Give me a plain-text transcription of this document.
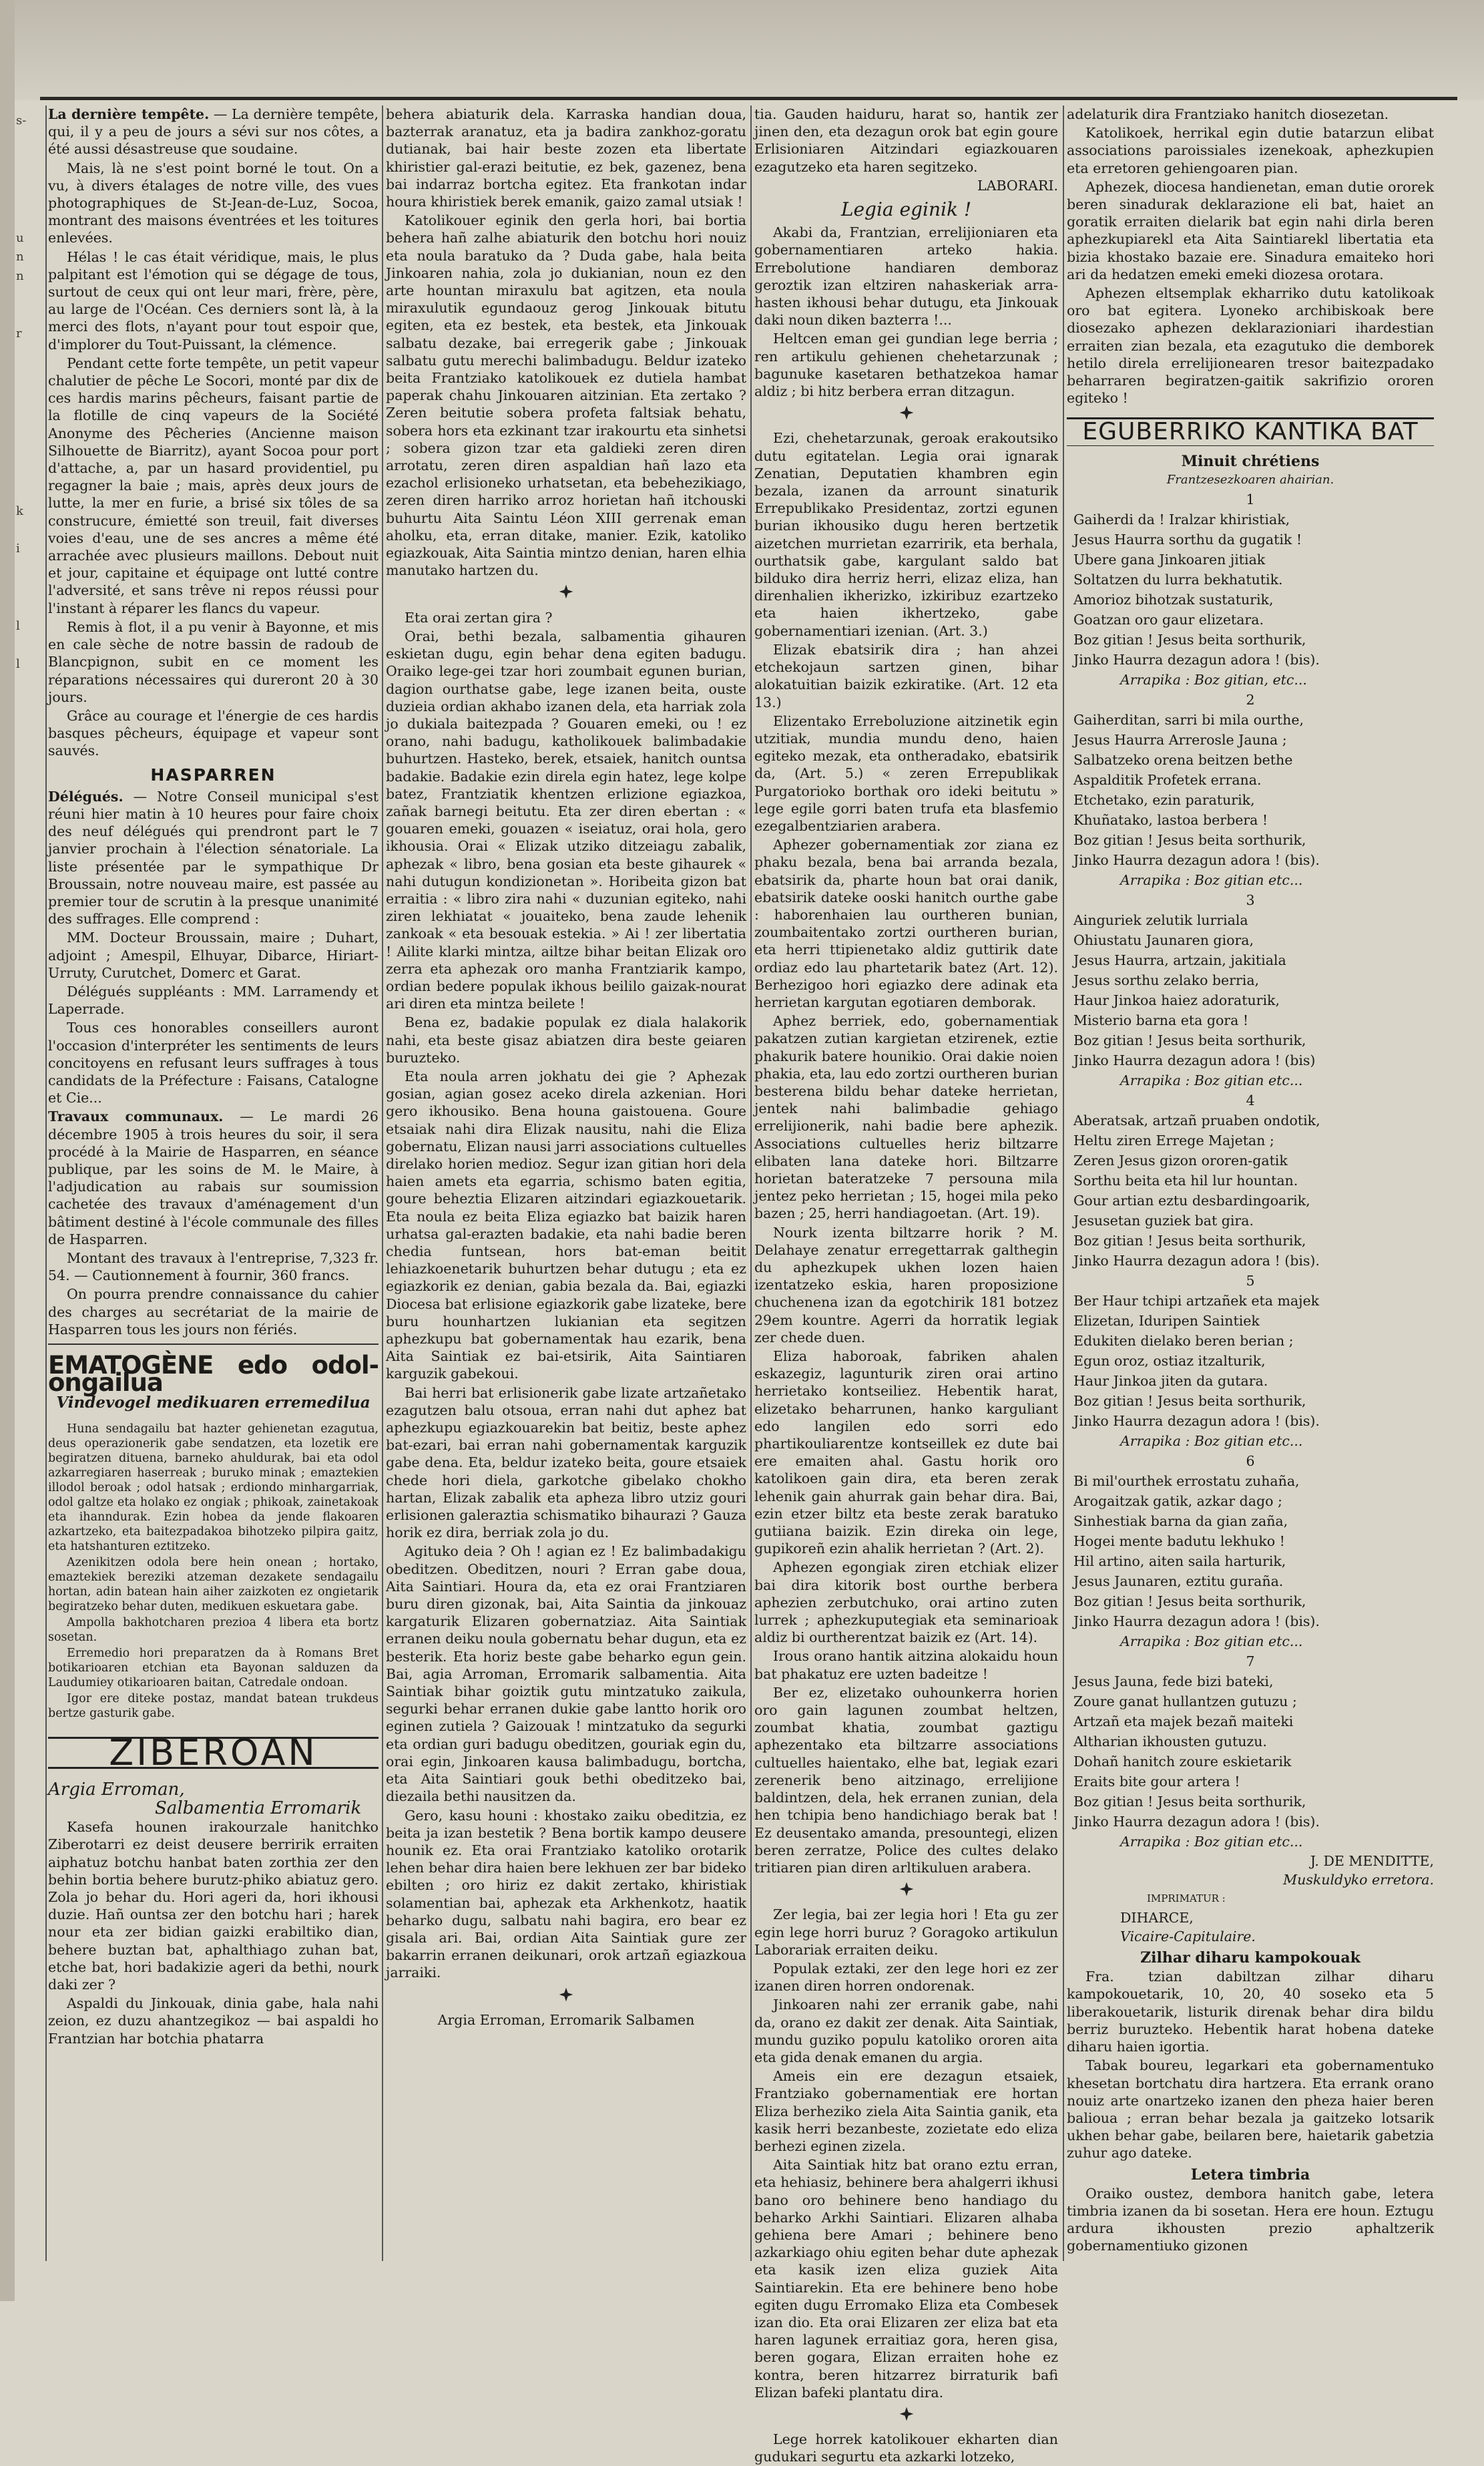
s-

u

n

n

r

k

i

l

l

La dernière tempête. — La dernière tempête, qui, il y a peu de jours a sévi sur nos côtes, a été aussi désastreuse que soudaine.

Mais, là ne s'est point borné le tout. On a vu, à divers étalages de notre ville, des vues photographiques de St-Jean-de-Luz, Socoa, montrant des maisons éventrées et les toitures enlevées.

Hélas ! le cas était véridique, mais, le plus palpitant est l'émotion qui se dégage de tous, surtout de ceux qui ont leur mari, frère, père, au large de l'Océan. Ces derniers sont là, à la merci des flots, n'ayant pour tout espoir que, d'implorer du Tout-Puissant, la clémence.

Pendant cette forte tempête, un petit vapeur chalutier de pêche Le Socori, monté par dix de ces hardis marins pêcheurs, faisant partie de la flotille de cinq vapeurs de la Société Anonyme des Pêcheries (Ancienne maison Silhouette de Biarritz), ayant Socoa pour port d'attache, a, par un hasard providentiel, pu regagner la baie ; mais, après deux jours de lutte, la mer en furie, a brisé six tôles de sa construcure, émietté son treuil, fait diverses voies d'eau, une de ses ancres a même été arrachée avec plusieurs maillons. Debout nuit et jour, capitaine et équipage ont lutté contre l'adversité, et sans trêve ni repos réussi pour l'instant à réparer les flancs du vapeur.

Remis à flot, il a pu venir à Bayonne, et mis en cale sèche de notre bassin de radoub de Blancpignon, subit en ce moment les réparations nécessaires qui dureront 20 à 30 jours.

Grâce au courage et l'énergie de ces hardis basques pêcheurs, équipage et vapeur sont sauvés.

HASPARREN

Délégués. — Notre Conseil municipal s'est réuni hier matin à 10 heures pour faire choix des neuf délégués qui prendront part le 7 janvier prochain à l'élection sénatoriale. La liste présentée par le sympathique Dr Broussain, notre nouveau maire, est passée au premier tour de scrutin à la presque unanimité des suffrages. Elle comprend :

MM. Docteur Broussain, maire ; Duhart, adjoint ; Amespil, Elhuyar, Dibarce, Hiriart-Urruty, Curutchet, Domerc et Garat.

Délégués suppléants : MM. Larramendy et Laperrade.

Tous ces honorables conseillers auront l'occasion d'interpréter les sentiments de leurs concitoyens en refusant leurs suffrages à tous candidats de la Préfecture : Faisans, Catalogne et Cie...

Travaux communaux. — Le mardi 26 décembre 1905 à trois heures du soir, il sera procédé à la Mairie de Hasparren, en séance publique, par les soins de M. le Maire, à l'adjudication au rabais sur soumission cachetée des travaux d'aménagement d'un bâtiment destiné à l'école communale des filles de Hasparren.

Montant des travaux à l'entreprise, 7,323 fr. 54. — Cautionnement à fournir, 360 francs.

On pourra prendre connaissance du cahier des charges au secrétariat de la mairie de Hasparren tous les jours non fériés.

EMATOGÈNE edo odol-ongailua
Vindevogel medikuaren erremedilua

Huna sendagailu bat hazter gehienetan ezagutua, deus operazionerik gabe sendatzen, eta lozetik ere begiratzen dituena, barneko ahuldurak, bai eta odol azkarregiaren haserreak ; buruko minak ; emaztekien illodol beroak ; odol hatsak ; erdiondo minhargarriak, odol galtze eta holako ez ongiak ; phikoak, zainetakoak eta ihanndurak. Ezin hobea da jende flakoaren azkartzeko, eta baitezpadakoa bihotzeko pilpira gaitz, eta hatshanturen eztitzeko.

Azenikitzen odola bere hein onean ; hortako, emaztekiek bereziki atzeman dezakete sendagailu hortan, adin batean hain aiher zaizkoten ez ongietarik begiratzeko behar duten, medikuen eskuetara gabe.

Ampolla bakhotcharen prezioa 4 libera eta bortz sosetan.

Erremedio hori preparatzen da à Romans Bret botikarioaren etchian eta Bayonan salduzen da Laudumiey otikarioaren baitan, Catredale ondoan.

Igor ere diteke postaz, mandat batean trukdeus bertze gasturik gabe.

ZIBEROAN

Argia Erroman,

Salbamentia Erromarik

Kasefa hounen irakourzale hanitchko Ziberotarri ez deist deusere berririk erraiten aiphatuz botchu hanbat baten zorthia zer den behin bortia behere burutz-phiko abiatuz gero. Zola jo behar du. Hori ageri da, hori ikhousi duzie. Hañ ountsa zer den botchu hari ; harek nour eta zer bidian gaizki erabiltiko dian, behere buztan bat, aphalthiago zuhan bat, etche bat, hori badakizie ageri da bethi, nourk daki zer ?

Aspaldi du Jinkouak, dinia gabe, hala nahi zeion, ez duzu ahantzegikoz — bai aspaldi ho Frantzian har botchia phatarra

behera abiaturik dela. Karraska handian doua, bazterrak aranatuz, eta ja badira zankhoz-goratu dutianak, bai hair beste zozen eta libertate khiristier gal-erazi beitutie, ez bek, gazenez, bena bai indarraz bortcha egitez. Eta frankotan indar houra khiristiek berek emanik, gaizo zamal utsiak !

Katolikouer eginik den gerla hori, bai bortia behera hañ zalhe abiaturik den botchu hori nouiz eta noula baratuko da ? Duda gabe, hala beita Jinkoaren nahia, zola jo dukianian, noun ez den arte hountan miraxulu bat agitzen, eta noula miraxulutik egundaouz gerog Jinkouak bitutu egiten, eta ez bestek, eta bestek, eta Jinkouak salbatu dezake, bai erregerik gabe ; Jinkouak salbatu gutu merechi balimbadugu. Beldur izateko beita Frantziako katolikouek ez dutiela hambat paperak chahu Jinkouaren aitzinian. Eta zertako ? Zeren beitutie sobera profeta faltsiak behatu, sobera hors eta ezkinant tzar irakourtu eta sinhetsi ; sobera gizon tzar eta galdieki zeren diren arrotatu, zeren diren aspaldian hañ lazo eta ezachol erlisioneko urhatsetan, eta bebehezikiago, zeren diren harriko arroz horietan hañ itchouski buhurtu Aita Saintu Léon XIII gerrenak eman aholku, eta, erran ditake, manier. Ezik, katoliko egiazkouak, Aita Saintia mintzo denian, haren elhia manutako hartzen du.

Eta orai zertan gira ?

Orai, bethi bezala, salbamentia gihauren eskietan dugu, egin behar dena egiten badugu. Oraiko lege-gei tzar hori zoumbait egunen burian, dagion ourthatse gabe, lege izanen beita, ouste duzieia ordian akhabo izanen dela, eta harriak zola jo dukiala baitezpada ? Gouaren emeki, ou ! ez orano, nahi badugu, katholikouek balimbadakie buhurtzen. Hasteko, berek, etsaiek, hanitch ountsa badakie. Badakie ezin direla egin hatez, lege kolpe batez, Frantziatik khentzen erlizione egiazkoa, zañak barnegi beitutu. Eta zer diren ebertan : « gouaren emeki, gouazen « iseiatuz, orai hola, gero ikhousia. Orai « Elizak utziko ditzeiagu zabalik, aphezak « libro, bena gosian eta beste gihaurek « nahi dutugun kondizionetan ». Horibeita gizon bat erraitia : « libro zira nahi « duzunian egiteko, nahi ziren lekhiatat « jouaiteko, bena zaude lehenik zankoak « eta besouak estekia. » Ai ! zer libertatia ! Ailite klarki mintza, ailtze bihar beitan Elizak oro zerra eta aphezak oro manha Frantziarik kampo, ordian bedere populak ikhous beililo gaizak-nourat ari diren eta mintza beilete !

Bena ez, badakie populak ez diala halakorik nahi, eta beste gisaz abiatzen dira beste geiaren buruzteko.

Eta noula arren jokhatu dei gie ? Aphezak gosian, agian gosez aceko direla azkenian. Hori gero ikhousiko. Bena houna gaistouena. Goure etsaiak nahi dira Elizak nausitu, nahi die Eliza gobernatu, Elizan nausi jarri associations cultuelles direlako horien medioz. Segur izan gitian hori dela haien amets eta egarria, schismo baten egitia, goure beheztia Elizaren aitzindari egiazkouetarik. Eta noula ez beita Eliza egiazko bat baizik haren urhatsa gal-erazten badakie, eta nahi badie beren chedia funtsean, hors bat-eman beitit lehiazkoenetarik buhurtzen behar dutugu ; eta ez egiazkorik ez denian, gabia bezala da. Bai, egiazki Diocesa bat erlisione egiazkorik gabe lizateke, bere buru hounhartzen lukianian eta segitzen aphezkupu bat gobernamentak hau ezarik, bena Aita Saintiak ez bai-etsirik, Aita Saintiaren karguzik gabekoui.

Bai herri bat erlisionerik gabe lizate artzañetako ezagutzen balu otsoua, erran nahi dut aphez bat aphezkupu egiazkouarekin bat beitiz, beste aphez bat-ezari, bai erran nahi gobernamentak karguzik gabe dena. Eta, beldur izateko beita, goure etsaiek chede hori diela, garkotche gibelako chokho hartan, Elizak zabalik eta apheza libro utziz gouri erlisionen galeraztia schismatiko bihaurazi ? Gauza horik ez dira, berriak zola jo du.

Agituko deia ? Oh ! agian ez ! Ez balimbadakigu obeditzen. Obeditzen, nouri ? Erran gabe doua, Aita Saintiari. Houra da, eta ez orai Frantziaren buru diren gizonak, bai, Aita Saintia da jinkouaz kargaturik Elizaren gobernatziaz. Aita Saintiak erranen deiku noula gobernatu behar dugun, eta ez besterik. Eta horiz beste gabe beharko egun gein. Bai, agia Arroman, Erromarik salbamentia. Aita Saintiak bihar goiztik gutu mintzatuko zaikula, segurki behar erranen dukie gabe lantto horik oro eginen zutiela ? Gaizouak ! mintzatuko da segurki eta ordian guri badugu obeditzen, gouriak egin du, orai egin, Jinkoaren kausa balimbadugu, bortcha, eta Aita Saintiari gouk bethi obeditzeko bai, diezaila bethi nausitzen da.

Gero, kasu houni : khostako zaiku obeditzia, ez beita ja izan bestetik ? Bena bortik kampo deusere hounik ez. Eta orai Frantziako katoliko orotarik lehen behar dira haien bere lekhuen zer bar bideko ebilten ; oro hiriz ez dakit zertako, khiristiak solamentian bai, aphezak eta Arkhenkotz, haatik beharko dugu, salbatu nahi bagira, ero bear ez gisala ari. Bai, ordian Aita Saintiak gure zer bakarrin erranen deikunari, orok artzañ egiazkoua jarraiki.

Argia Erroman, Erromarik Salbamen

tia. Gauden haiduru, harat so, hantik zer jinen den, eta dezagun orok bat egin goure Erlisioniaren Aitzindari egiazkouaren ezagutzeko eta haren segitzeko.

LABORARI.

Legia eginik !

Akabi da, Frantzian, errelijioniaren eta gobernamentiaren arteko hakia. Errebolutione handiaren demboraz geroztik izan eltziren nahaskeriak arra-hasten ikhousi behar dutugu, eta Jinkouak daki noun diken bazterra !...

Heltcen eman gei gundian lege berria ; ren artikulu gehienen chehetarzunak ; bagunuke kasetaren bethatzekoa hamar aldiz ; bi hitz berbera erran ditzagun.

Ezi, chehetarzunak, geroak erakoutsiko dutu egitatelan. Legia orai ignarak Zenatian, Deputatien khambren egin bezala, izanen da arrount sinaturik Errepublikako Presidentaz, zortzi egunen burian ikhousiko dugu heren bertzetik aizetchen murrietan ezarririk, eta berhala, ourthatsik gabe, kargulant saldo bat bilduko dira herriz herri, elizaz eliza, han direnhalien ikherizko, izkiribuz ezartzeko eta haien ikhertzeko, gabe gobernamentiari izenian. (Art. 3.)

Elizak ebatsirik dira ; han ahzei etchekojaun sartzen ginen, bihar alokatuitian baizik ezkiratike. (Art. 12 eta 13.)

Elizentako Erreboluzione aitzinetik egin utzitiak, mundia mundu deno, haien egiteko mezak, eta ontheradako, ebatsirik da, (Art. 5.) « zeren Errepublikak Purgatorioko borthak oro ideki beitutu » lege egile gorri baten trufa eta blasfemio ezegalbentziarien arabera.

Aphezer gobernamentiak zor ziana ez phaku bezala, bena bai arranda bezala, ebatsirik da, pharte houn bat orai danik, ebatsirik dateke ooski hanitch ourthe gabe : haborenhaien lau ourtheren bunian, zoumbaitentako zortzi ourtheren burian, eta herri ttipienetako aldiz guttirik date ordiaz edo lau phartetarik batez (Art. 12). Berhezigoo hori egiazko dere adinak eta herrietan kargutan egotiaren demborak.

Aphez berriek, edo, gobernamentiak pakatzen zutian kargietan etzirenek, eztie phakurik batere hounikio. Orai dakie noien phakia, eta, lau edo zortzi ourtheren burian besterena bildu behar dateke herrietan, jentek nahi balimbadie gehiago errelijionerik, nahi badie bere aphezik. Associations cultuelles heriz biltzarre elibaten lana dateke hori. Biltzarre horietan bateratzeke 7 persouna mila jentez peko herrietan ; 15, hogei mila peko bazen ; 25, herri handiagoetan. (Art. 19).

Nourk izenta biltzarre horik ? M. Delahaye zenatur erregettarrak galthegin du aphezkupek ukhen lozen haien izentatzeko eskia, haren proposizione chuchenena izan da egotchirik 181 botzez 29em kountre. Agerri da horratik legiak zer chede duen.

Eliza haboroak, fabriken ahalen eskazegiz, lagunturik ziren orai artino herrietako kontseiliez. Hebentik harat, elizetako beharrunen, hanko karguliant edo langilen edo sorri edo phartikouliarentze kontseillek ez dute bai ere emaiten ahal. Gastu horik oro katolikoen gain dira, eta beren zerak lehenik gain ahurrak gain behar dira. Bai, ezin etzer biltz eta beste zerak baratuko gutiiana baizik. Ezin direka oin lege, gupikoreñ ezin ahalik herrietan ? (Art. 2).

Aphezen egongiak ziren etchiak elizer bai dira kitorik bost ourthe berbera aphezien zerbutchuko, orai artino zuten lurrek ; aphezkuputegiak eta seminarioak aldiz bi ourtherentzat baizik ez (Art. 14).

Irous orano hantik aitzina alokaidu houn bat phakatuz ere uzten badeitze !

Ber ez, elizetako ouhounkerra horien oro gain lagunen zoumbat heltzen, zoumbat khatia, zoumbat gaztigu aphezentako eta biltzarre associations cultuelles haientako, elhe bat, legiak ezari zerenerik beno aitzinago, errelijione baldintzen, dela, hek erranen zunian, dela hen tchipia beno handichiago berak bat ! Ez deusentako amanda, presountegi, elizen beren zerratze, Police des cultes delako tritiaren pian diren arltikuluen arabera.

Zer legia, bai zer legia hori ! Eta gu zer egin lege horri buruz ? Goragoko artikulun Laborariak erraiten deiku.

Populak eztaki, zer den lege hori ez zer izanen diren horren ondorenak.

Jinkoaren nahi zer erranik gabe, nahi da, orano ez dakit zer denak. Aita Saintiak, mundu guziko populu katoliko ororen aita eta gida denak emanen du argia.

Ameis ein ere dezagun etsaiek, Frantziako gobernamentiak ere hortan Eliza berheziko ziela Aita Saintia ganik, eta kasik herri bezanbeste, zozietate edo eliza berhezi eginen zizela.

Aita Saintiak hitz bat orano eztu erran, eta hehiasiz, behinere bera ahalgerri ikhusi bano oro behinere beno handiago du beharko Arkhi Saintiari. Elizaren alhaba gehiena bere Amari ; behinere beno azkarkiago ohiu egiten behar dute aphezak eta kasik izen eliza guziek Aita Saintiarekin. Eta ere behinere beno hobe egiten dugu Erromako Eliza eta Combesek izan dio. Eta orai Elizaren zer eliza bat eta haren lagunek erraitiaz gora, heren gisa, beren gogara, Elizan erraiten hohe ez kontra, beren hitzarrez birraturik bafi Elizan bafeki plantatu dira.

Lege horrek katolikouer ekharten dian gudukari segurtu eta azkarki lotzeko,

adelaturik dira Frantziako hanitch diosezetan.

Katolikoek, herrikal egin dutie batarzun elibat associations paroissiales izenekoak, aphezkupien eta erretoren gehiengoaren pian.

Aphezek, diocesa handienetan, eman dutie ororek beren sinadurak deklarazione eli bat, haiet an goratik erraiten dielarik bat egin nahi dirla beren aphezkupiarekl eta Aita Saintiarekl libertatia eta bizia khostako bazaie ere. Sinadura emaiteko hori ari da hedatzen emeki emeki diozesa orotara.

Aphezen eltsemplak ekharriko dutu katolikoak oro bat egitera. Lyoneko archibiskoak bere diosezako aphezen deklarazioniari ihardestian erraiten zian bezala, eta ezagutuko die demborek hetilo direla errelijionearen tresor baitezpadako beharraren begiratzen-gaitik sakrifizio ororen egiteko !

EGUBERRIKO KANTIKA BAT

Minuit chrétiens

Frantzesezkoaren ahairian.

1

Gaiherdi da ! Iralzar khiristiak,

Jesus Haurra sorthu da gugatik !

Ubere gana Jinkoaren jitiak

Soltatzen du lurra bekhatutik.

Amorioz bihotzak sustaturik,

Goatzan oro gaur elizetara.

Boz gitian ! Jesus beita sorthurik,

Jinko Haurra dezagun adora ! (bis).

Arrapika : Boz gitian, etc...

2

Gaiherditan, sarri bi mila ourthe,

Jesus Haurra Arrerosle Jauna ;

Salbatzeko orena beitzen bethe

Aspalditik Profetek errana.

Etchetako, ezin paraturik,

Khuñatako, lastoa berbera !

Boz gitian ! Jesus beita sorthurik,

Jinko Haurra dezagun adora ! (bis).

Arrapika : Boz gitian etc...

3

Ainguriek zelutik lurriala

Ohiustatu Jaunaren giora,

Jesus Haurra, artzain, jakitiala

Jesus sorthu zelako berria,

Haur Jinkoa haiez adoraturik,

Misterio barna eta gora !

Boz gitian ! Jesus beita sorthurik,

Jinko Haurra dezagun adora ! (bis)

Arrapika : Boz gitian etc...

4

Aberatsak, artzañ pruaben ondotik,

Heltu ziren Errege Majetan ;

Zeren Jesus gizon ororen-gatik

Sorthu beita eta hil lur hountan.

Gour artian eztu desbardingoarik,

Jesusetan guziek bat gira.

Boz gitian ! Jesus beita sorthurik,

Jinko Haurra dezagun adora ! (bis).

5

Ber Haur tchipi artzañek eta majek

Elizetan, Iduripen Saintiek

Edukiten dielako beren berian ;

Egun oroz, ostiaz itzalturik,

Haur Jinkoa jiten da gutara.

Boz gitian ! Jesus beita sorthurik,

Jinko Haurra dezagun adora ! (bis).

Arrapika : Boz gitian etc...

6

Bi mil'ourthek errostatu zuhaña,

Arogaitzak gatik, azkar dago ;

Sinhestiak barna da gian zaña,

Hogei mente badutu lekhuko !

Hil artino, aiten saila harturik,

Jesus Jaunaren, eztitu guraña.

Boz gitian ! Jesus beita sorthurik,

Jinko Haurra dezagun adora ! (bis).

Arrapika : Boz gitian etc...

7

Jesus Jauna, fede bizi bateki,

Zoure ganat hullantzen gutuzu ;

Artzañ eta majek bezañ maiteki

Altharian ikhousten gutuzu.

Dohañ hanitch zoure eskietarik

Eraits bite gour artera !

Boz gitian ! Jesus beita sorthurik,

Jinko Haurra dezagun adora ! (bis).

Arrapika : Boz gitian etc...

J. DE MENDITTE,

Muskuldyko erretora.

IMPRIMATUR :

DIHARCE,

Vicaire-Capitulaire.

Zilhar diharu kampokouak

Fra. tzian dabiltzan zilhar diharu kampokouetarik, 10, 20, 40 soseko eta 5 liberakouetarik, listurik direnak behar dira bildu berriz buruzteko. Hebentik harat hobena dateke diharu haien igortia.

Tabak boureu, legarkari eta gobernamentuko khesetan bortchatu dira hartzera. Eta errank orano nouiz arte onartzeko izanen den pheza haier beren balioua ; erran behar bezala ja gaitzeko lotsarik ukhen behar gabe, beilaren bere, haietarik gabetzia zuhur ago dateke.

Letera timbria

Oraiko oustez, dembora hanitch gabe, letera timbria izanen da bi sosetan. Hera ere houn. Eztugu ardura ikhousten prezio aphaltzerik gobernamentiuko gizonen
